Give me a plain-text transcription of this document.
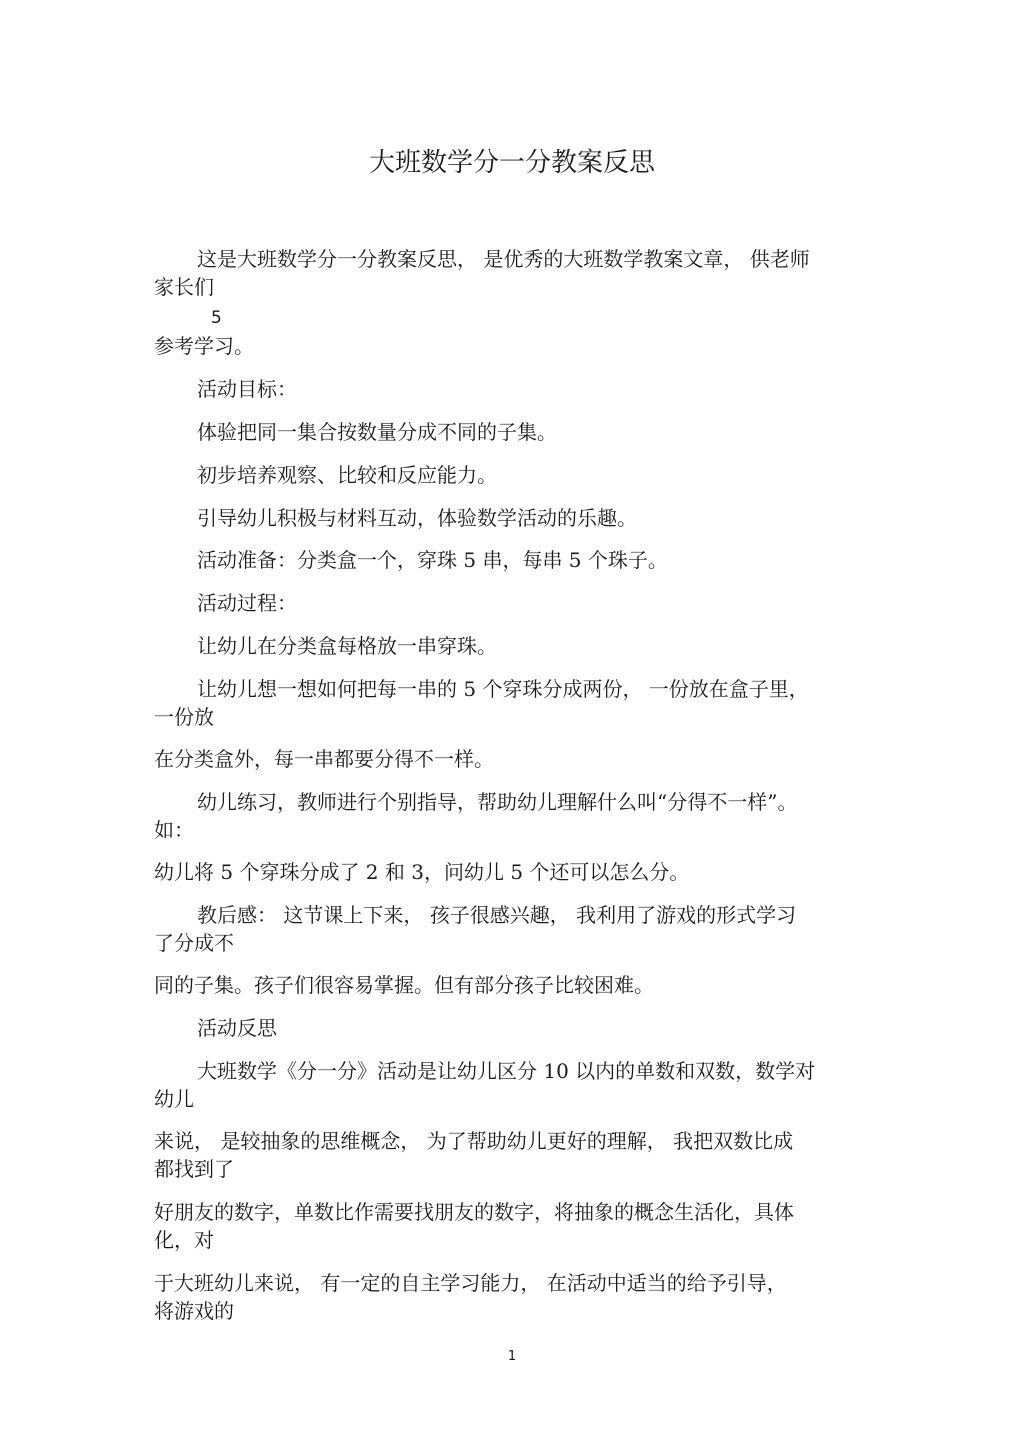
大班数学分一分教案反思
这是大班数学分一分教案反思， 是优秀的大班数学教案文章， 供老师
家长们
5
参考学习。
活动目标：
体验把同一集合按数量分成不同的子集。
初步培养观察、比较和反应能力。
引导幼儿积极与材料互动，体验数学活动的乐趣。
活动准备：分类盒一个，穿珠 5 串，每串 5 个珠子。
活动过程：
让幼儿在分类盒每格放一串穿珠。
让幼儿想一想如何把每一串的 5 个穿珠分成两份， 一份放在盒子里，
一份放
在分类盒外，每一串都要分得不一样。
幼儿练习，教师进行个别指导，帮助幼儿理解什么叫“分得不一样”。
如：
幼儿将 5 个穿珠分成了 2 和 3，问幼儿 5 个还可以怎么分。
教后感： 这节课上下来， 孩子很感兴趣， 我利用了游戏的形式学习
了分成不
同的子集。孩子们很容易掌握。但有部分孩子比较困难。
活动反思
大班数学《分一分》活动是让幼儿区分 10 以内的单数和双数，数学对
幼儿
来说， 是较抽象的思维概念， 为了帮助幼儿更好的理解， 我把双数比成
都找到了
好朋友的数字，单数比作需要找朋友的数字，将抽象的概念生活化，具体
化，对
于大班幼儿来说， 有一定的自主学习能力， 在活动中适当的给予引导，
将游戏的
1
